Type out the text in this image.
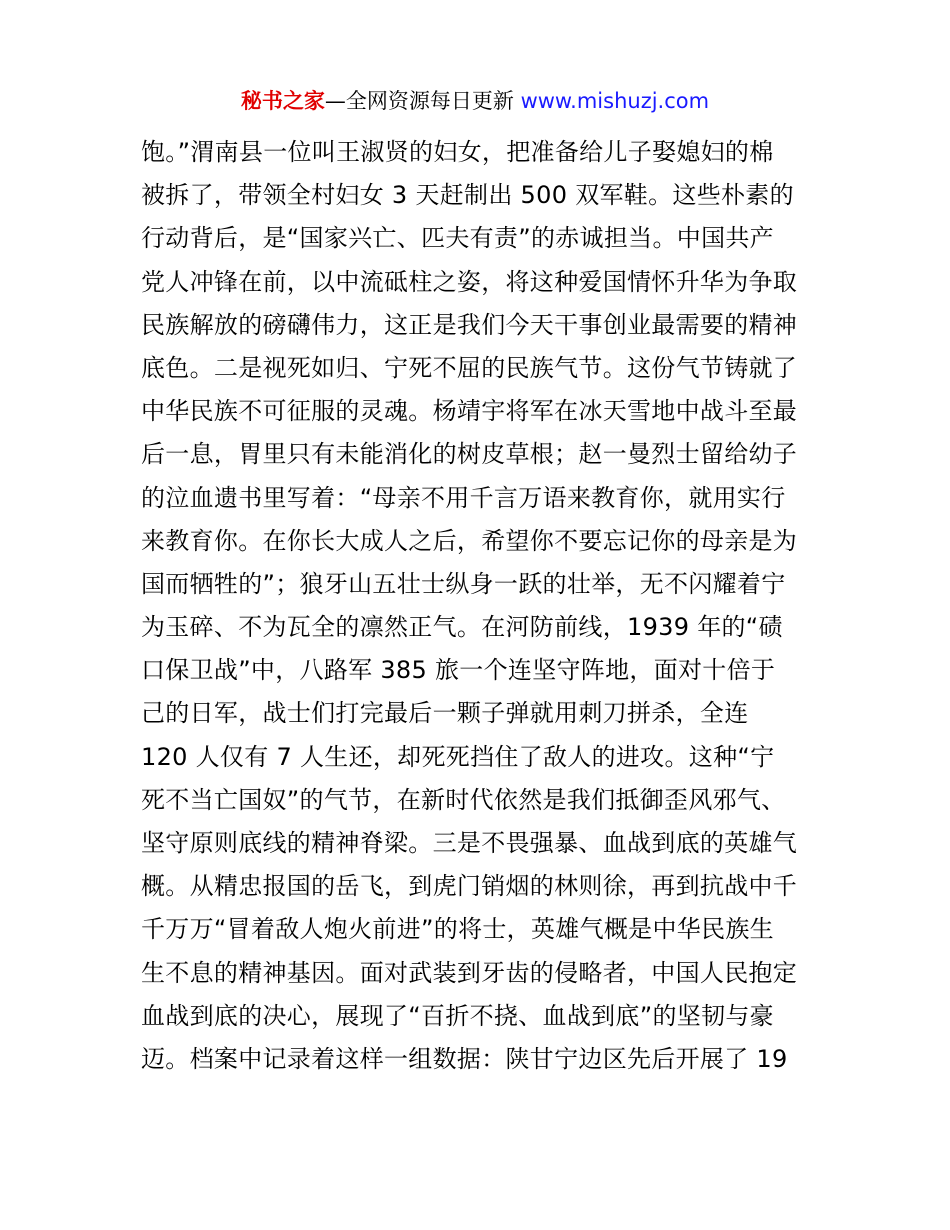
秘书之家—全网资源每日更新 www.mishuzj.com
饱。”渭南县一位叫王淑贤的妇女，把准备给儿子娶媳妇的棉
被拆了，带领全村妇女 3 天赶制出 500 双军鞋。这些朴素的
行动背后，是“国家兴亡、匹夫有责”的赤诚担当。中国共产
党人冲锋在前，以中流砥柱之姿，将这种爱国情怀升华为争取
民族解放的磅礴伟力，这正是我们今天干事创业最需要的精神
底色。二是视死如归、宁死不屈的民族气节。这份气节铸就了
中华民族不可征服的灵魂。杨靖宇将军在冰天雪地中战斗至最
后一息，胃里只有未能消化的树皮草根；赵一曼烈士留给幼子
的泣血遗书里写着：“母亲不用千言万语来教育你，就用实行
来教育你。在你长大成人之后，希望你不要忘记你的母亲是为
国而牺牲的”；狼牙山五壮士纵身一跃的壮举，无不闪耀着宁
为玉碎、不为瓦全的凛然正气。在河防前线，1939 年的“碛
口保卫战”中，八路军 385 旅一个连坚守阵地，面对十倍于
己的日军，战士们打完最后一颗子弹就用刺刀拼杀，全连
120 人仅有 7 人生还，却死死挡住了敌人的进攻。这种“宁
死不当亡国奴”的气节，在新时代依然是我们抵御歪风邪气、
坚守原则底线的精神脊梁。三是不畏强暴、血战到底的英雄气
概。从精忠报国的岳飞，到虎门销烟的林则徐，再到抗战中千
千万万“冒着敌人炮火前进”的将士，英雄气概是中华民族生
生不息的精神基因。面对武装到牙齿的侵略者，中国人民抱定
血战到底的决心，展现了“百折不挠、血战到底”的坚韧与豪
迈。档案中记录着这样一组数据：陕甘宁边区先后开展了 19
